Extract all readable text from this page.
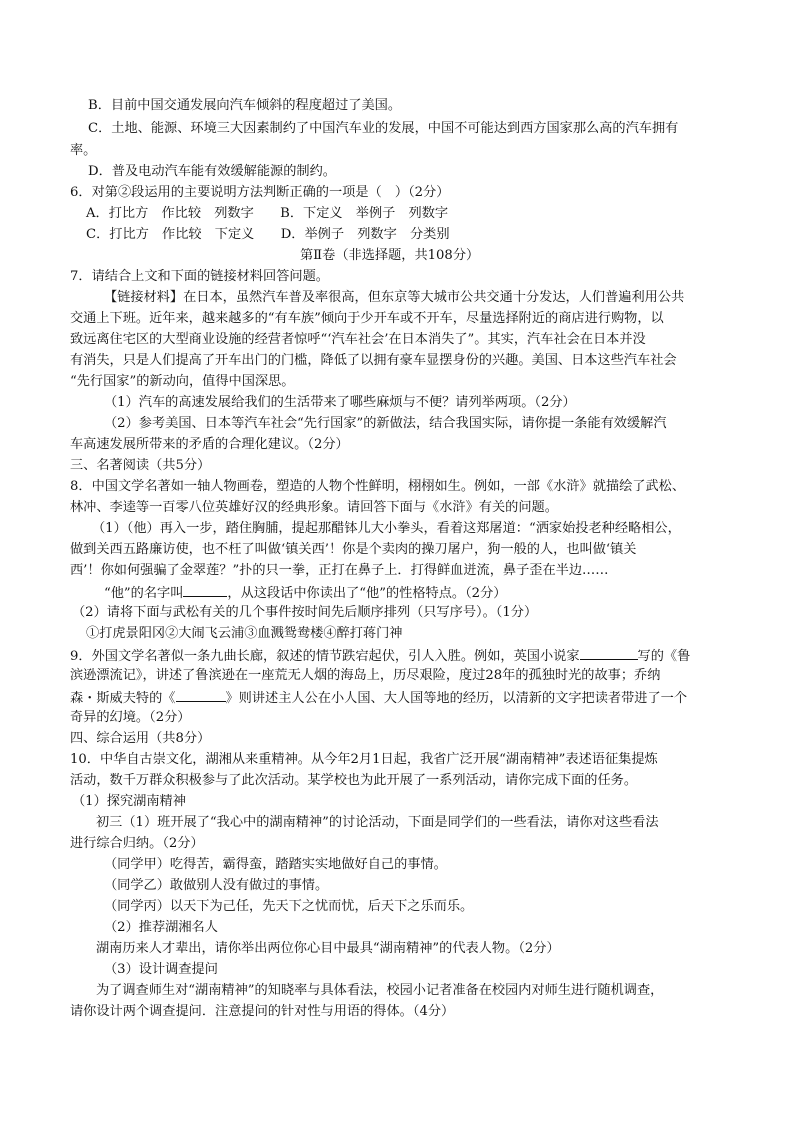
B．目前中国交通发展向汽车倾斜的程度超过了美国。
C．土地、能源、环境三大因素制约了中国汽车业的发展，中国不可能达到西方国家那么高的汽车拥有
率。
D．普及电动汽车能有效缓解能源的制约。
6．对第②段运用的主要说明方法判断正确的一项是（　）（2分）
A．打比方　作比较　列数字　　B．下定义　举例子　列数字
C．打比方　作比较　下定义　　D．举例子　列数字　分类别
第Ⅱ卷（非选择题，共108分）
7．请结合上文和下面的链接材料回答问题。
【链接材料】在日本，虽然汽车普及率很高，但东京等大城市公共交通十分发达，人们普遍利用公共
交通上下班。近年来，越来越多的“有车族”倾向于少开车或不开车，尽量选择附近的商店进行购物，以
致远离住宅区的大型商业设施的经营者惊呼“‘汽车社会’在日本消失了”。其实，汽车社会在日本并没
有消失，只是人们提高了开车出门的门槛，降低了以拥有豪车显摆身份的兴趣。美国、日本这些汽车社会
“先行国家”的新动向，值得中国深思。
（1）汽车的高速发展给我们的生活带来了哪些麻烦与不便？请列举两项。（2分）
（2）参考美国、日本等汽车社会“先行国家”的新做法，结合我国实际，请你提一条能有效缓解汽
车高速发展所带来的矛盾的合理化建议。（2分）
三、名著阅读（共5分）
8．中国文学名著如一轴人物画卷，塑造的人物个性鲜明，栩栩如生。例如，一部《水浒》就描绘了武松、
林冲、李逵等一百零八位英雄好汉的经典形象。请回答下面与《水浒》有关的问题。
（1）（他）再入一步，踏住胸脯，提起那醋钵儿大小拳头，看着这郑屠道：“洒家始投老种经略相公，
做到关西五路廉访使，也不枉了叫做‘镇关西’！你是个卖肉的操刀屠户，狗一般的人，也叫做‘镇关
西’！你如何强骗了金翠莲？”扑的只一拳，正打在鼻子上．打得鲜血迸流，鼻子歪在半边……
“他”的名字叫	，从这段话中你读出了“他”的性格特点。（2分）
（2）请将下面与武松有关的几个事件按时间先后顺序排列（只写序号）。（1分）
①打虎景阳冈②大闹飞云浦③血溅鸳鸯楼④醉打蒋门神
9．外国文学名著似一条九曲长廊，叙述的情节跌宕起伏，引人入胜。例如，英国小说家	写的《鲁
滨逊漂流记》，讲述了鲁滨逊在一座荒无人烟的海岛上，历尽艰险，度过28年的孤独时光的故事；乔纳
森・斯威夫特的《	》则讲述主人公在小人国、大人国等地的经历，以清新的文字把读者带进了一个
奇异的幻境。（2分）
四、综合运用（共8分）
10．中华自古崇文化，湖湘从来重精神。从今年2月1日起，我省广泛开展“湖南精神”表述语征集提炼
活动，数千万群众积极参与了此次活动。某学校也为此开展了一系列活动，请你完成下面的任务。
（1）探究湖南精神
初三（1）班开展了“我心中的湖南精神”的讨论活动，下面是同学们的一些看法，请你对这些看法
进行综合归纳。（2分）
（同学甲）吃得苦，霸得蛮，踏踏实实地做好自己的事情。
（同学乙）敢做别人没有做过的事情。
（同学丙）以天下为己任，先天下之忧而忧，后天下之乐而乐。
（2）推荐湖湘名人
湖南历来人才辈出，请你举出两位你心目中最具“湖南精神”的代表人物。（2分）
（3）设计调查提问
为了调查师生对“湖南精神”的知晓率与具体看法，校园小记者准备在校园内对师生进行随机调查，
请你设计两个调查提问．注意提问的针对性与用语的得体。（4分）
